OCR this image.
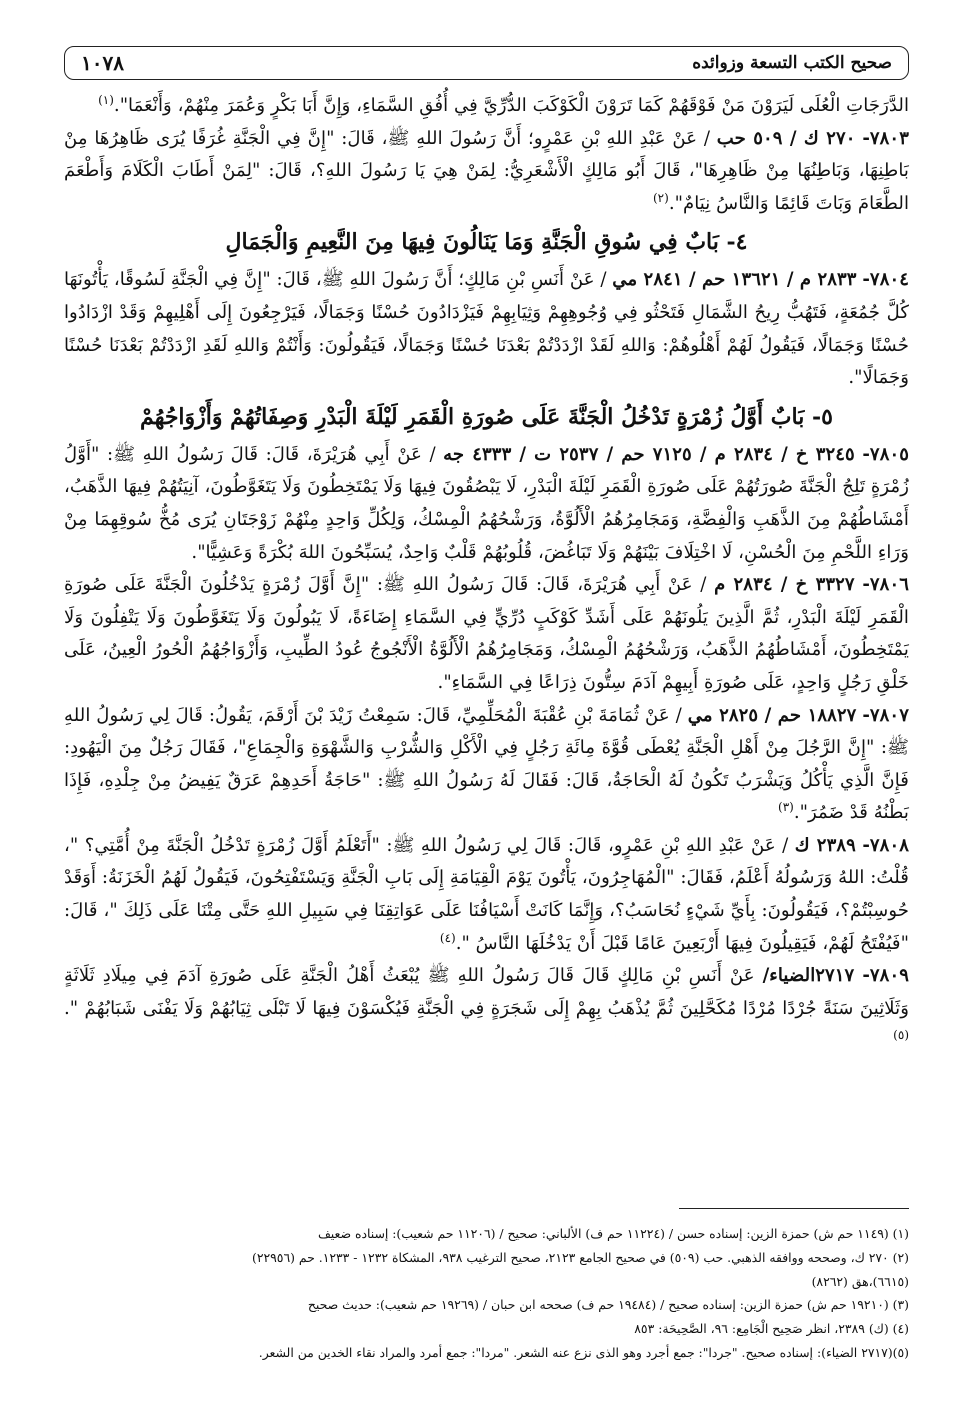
صحيح الكتب التسعة وزوائده
١٠٧٨

الدَّرَجَاتِ الْعُلَى لَيَرَوْنَ مَنْ فَوْقَهُمْ كَمَا تَرَوْنَ الْكَوْكَبَ الدُّرِّيَّ فِي أُفُقِ السَّمَاءِ، وَإِنَّ أَبَا بَكْرٍ وَعُمَرَ مِنْهُمْ، وَأَنْعَمَا".$^{(١)}$

٧٨٠٣- ٢٧٠ ك / ٥٠٩ حب / عَنْ عَبْدِ اللهِ بْنِ عَمْرٍو؛ أَنَّ رَسُولَ اللهِ ﷺ، قَالَ: "إِنَّ فِي الْجَنَّةِ غُرَفًا يُرَى ظَاهِرُهَا مِنْ بَاطِنِهَا، وَبَاطِنُهَا مِنْ ظَاهِرِهَا"، قَالَ أَبُو مَالِكٍ الْأَشْعَرِيُّ: لِمَنْ هِيَ يَا رَسُولَ اللهِ؟، قَالَ: "لِمَنْ أَطَابَ الْكَلَامَ وَأَطْعَمَ الطَّعَامَ وَبَاتَ قَائِمًا وَالنَّاسُ نِيَامٌ".$^{(٢)}$

٤- بَابٌ فِي سُوقِ الْجَنَّةِ وَمَا يَنَالُونَ فِيهَا مِنَ النَّعِيمِ وَالْجَمَالِ

٧٨٠٤- ٢٨٣٣ م / ١٣٦٢١ حم / ٢٨٤١ مي / عَنْ أَنَسِ بْنِ مَالِكٍ؛ أَنَّ رَسُولَ اللهِ ﷺ، قَالَ: "إِنَّ فِي الْجَنَّةِ لَسُوقًا، يَأْتُونَهَا كُلَّ جُمُعَةٍ، فَتَهُبُّ رِيحُ الشَّمَالِ فَتَحْثُو فِي وُجُوهِهِمْ وَثِيَابِهِمْ فَيَزْدَادُونَ حُسْنًا وَجَمَالًا، فَيَرْجِعُونَ إِلَى أَهْلِيهِمْ وَقَدْ ازْدَادُوا حُسْنًا وَجَمَالًا، فَيَقُولُ لَهُمْ أَهْلُوهُمْ: وَاللهِ لَقَدْ ازْدَدْتُمْ بَعْدَنَا حُسْنًا وَجَمَالًا، فَيَقُولُونَ: وَأَنْتُمْ وَاللهِ لَقَدِ ازْدَدْتُمْ بَعْدَنَا حُسْنًا وَجَمَالًا".

٥- بَابٌ أَوَّلُ زُمْرَةٍ تَدْخُلُ الْجَنَّةَ عَلَى صُورَةِ الْقَمَرِ لَيْلَةَ الْبَدْرِ وَصِفَاتُهُمْ وَأَزْوَاجُهُمْ

٧٨٠٥- ٣٢٤٥ خ / ٢٨٣٤ م / ٧١٢٥ حم / ٢٥٣٧ ت / ٤٣٣٣ جه / عَنْ أَبِي هُرَيْرَةَ، قَالَ: قَالَ رَسُولُ اللهِ ﷺ: "أَوَّلُ زُمْرَةٍ تَلِجُ الْجَنَّةَ صُورَتُهُمْ عَلَى صُورَةِ الْقَمَرِ لَيْلَةَ الْبَدْرِ، لَا يَبْصُقُونَ فِيهَا وَلَا يَمْتَخِطُونَ وَلَا يَتَغَوَّطُونَ، آنِيَتُهُمْ فِيهَا الذَّهَبُ، أَمْشَاطُهُمْ مِنَ الذَّهَبِ وَالْفِضَّةِ، وَمَجَامِرُهُمُ الْأَلُوَّةُ، وَرَشْحُهُمُ الْمِسْكُ، وَلِكُلِّ وَاحِدٍ مِنْهُمْ زَوْجَتَانِ يُرَى مُخُّ سُوقِهِمَا مِنْ وَرَاءِ اللَّحْمِ مِنَ الْحُسْنِ، لَا اخْتِلَافَ بَيْنَهُمْ وَلَا تَبَاغُضَ، قُلُوبُهُمْ قَلْبٌ وَاحِدٌ، يُسَبِّحُونَ اللهَ بُكْرَةً وَعَشِيًّا".

٧٨٠٦- ٣٣٢٧ خ / ٢٨٣٤ م / عَنْ أَبِي هُرَيْرَةَ، قَالَ: قَالَ رَسُولُ اللهِ ﷺ: "إِنَّ أَوَّلَ زُمْرَةٍ يَدْخُلُونَ الْجَنَّةَ عَلَى صُورَةِ الْقَمَرِ لَيْلَةَ الْبَدْرِ، ثُمَّ الَّذِينَ يَلُونَهُمْ عَلَى أَشَدِّ كَوْكَبٍ دُرِّيٍّ فِي السَّمَاءِ إِضَاءَةً، لَا يَبُولُونَ وَلَا يَتَغَوَّطُونَ وَلَا يَتْفِلُونَ وَلَا يَمْتَخِطُونَ، أَمْشَاطُهُمُ الذَّهَبُ، وَرَشْحُهُمُ الْمِسْكُ، وَمَجَامِرُهُمُ الْأَلُوَّةُ الْأَنْجُوجُ عُودُ الطِّيبِ، وَأَزْوَاجُهُمُ الْحُورُ الْعِينُ، عَلَى خَلْقِ رَجُلٍ وَاحِدٍ، عَلَى صُورَةِ أَبِيهِمْ آدَمَ سِتُّونَ ذِرَاعًا فِي السَّمَاءِ".

٧٨٠٧- ١٨٨٢٧ حم / ٢٨٢٥ مي / عَنْ ثُمَامَةَ بْنِ عُقْبَةَ الْمُحَلِّمِيِّ، قَالَ: سَمِعْتُ زَيْدَ بْنَ أَرْقَمَ، يَقُولُ: قَالَ لِي رَسُولُ اللهِ ﷺ: "إِنَّ الرَّجُلَ مِنْ أَهْلِ الْجَنَّةِ يُعْطَى قُوَّةَ مِائَةِ رَجُلٍ فِي الْأَكْلِ وَالشُّرْبِ وَالشَّهْوَةِ وَالْجِمَاعِ"، فَقَالَ رَجُلٌ مِنَ الْيَهُودِ: فَإِنَّ الَّذِي يَأْكُلُ وَيَشْرَبُ تَكُونُ لَهُ الْحَاجَةُ، قَالَ: فَقَالَ لَهُ رَسُولُ اللهِ ﷺ: "حَاجَةُ أَحَدِهِمْ عَرَقٌ يَفِيضُ مِنْ جِلْدِهِ، فَإِذَا بَطْنُهُ قَدْ ضَمُرَ".$^{(٣)}$

٧٨٠٨- ٢٣٨٩ ك / عَنْ عَبْدِ اللهِ بْنِ عَمْرٍو، قَالَ: قَالَ لِي رَسُولُ اللهِ ﷺ: "أَتَعْلَمُ أَوَّلَ زُمْرَةٍ تَدْخُلُ الْجَنَّةَ مِنْ أُمَّتِي؟ "، قُلْتُ: اللهُ وَرَسُولُهُ أَعْلَمُ، فَقَالَ: "الْمُهَاجِرُونَ، يَأْتُونَ يَوْمَ الْقِيَامَةِ إِلَى بَابِ الْجَنَّةِ وَيَسْتَفْتِحُونَ، فَيَقُولُ لَهُمُ الْخَزَنَةُ: أَوَقَدْ حُوسِبْتُمْ؟، فَيَقُولُونَ: بِأَيِّ شَيْءٍ نُحَاسَبُ؟، وَإِنَّمَا كَانَتْ أَسْيَافُنَا عَلَى عَوَاتِقِنَا فِي سَبِيلِ اللهِ حَتَّى مِتْنَا عَلَى ذَلِكَ "، قَالَ: "فَيُفْتَحُ لَهُمْ، فَيَقِيلُونَ فِيهَا أَرْبَعِينَ عَامًا قَبْلَ أَنْ يَدْخُلَهَا النَّاسُ ".$^{(٤)}$

٧٨٠٩- ٢٧١٧الضياء/ عَنْ أَنَسِ بْنِ مَالِكٍ قَالَ قَالَ رَسُولُ اللهِ ﷺ يُبْعَثُ أَهْلُ الْجَنَّةِ عَلَى صُورَةِ آدَمَ فِي مِيلَادِ ثَلَاثَةٍ وَثَلَاثِينَ سَنَةً جُرْدًا مُرْدًا مُكَحَّلِينَ ثُمَّ يُذْهَبُ بِهِمْ إِلَى شَجَرَةٍ فِي الْجَنَّةِ فَيُكْسَوْنَ فِيهَا لَا تَبْلَى ثِيَابُهُمْ وَلَا يَفْنَى شَبَابُهُمْ ".$^{(٥)}$

(١) (١١٤٩ حم ش) حمزة الزين: إسناده حسن / (١١٢٢٤ حم ف) الألباني: صحيح / (١١٢٠٦ حم شعيب): إسناده ضعيف
(٢) ٢٧٠ ك، وصححه ووافقه الذهبي. حب (٥٠٩) في صحيح الجامع ٢١٢٣، صحيح الترغيب ٩٣٨، المشكاة ١٢٣٢ - ١٢٣٣. حم (٢٢٩٥٦)
(٦٦١٥)،هق (٨٢٦٢)
(٣) (١٩٢١٠ حم ش) حمزة الزين: إسناده صحيح / (١٩٤٨٤ حم ف) صححه ابن حبان / (١٩٢٦٩ حم شعيب): حديث صحيح
(٤) (ك) ٢٣٨٩، انظر صَحِيح الْجَامِع: ٩٦، الصَّحِيحَة: ٨٥٣
(٥)(٢٧١٧ الضياء): إسناده صحيح. "جردا": جمع أجرد وهو الذى نزع عنه الشعر. "مردا": جمع أمرد والمراد نقاء الخدين من الشعر.
